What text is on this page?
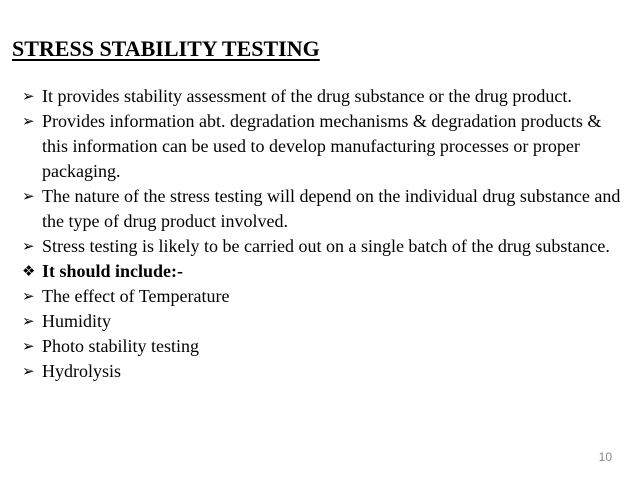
STRESS STABILITY TESTING
➢ It provides stability assessment of the drug substance or the drug product.
➢ Provides information abt. degradation mechanisms & degradation products & this information can be used to develop manufacturing processes or proper packaging.
➢ The nature of the stress testing will depend on the individual drug substance and the type of drug product involved.
➢ Stress testing is likely to be carried out on a single batch of the drug substance.
❖ It should include:-
➢ The effect of Temperature
➢ Humidity
➢ Photo stability testing
➢ Hydrolysis
10
